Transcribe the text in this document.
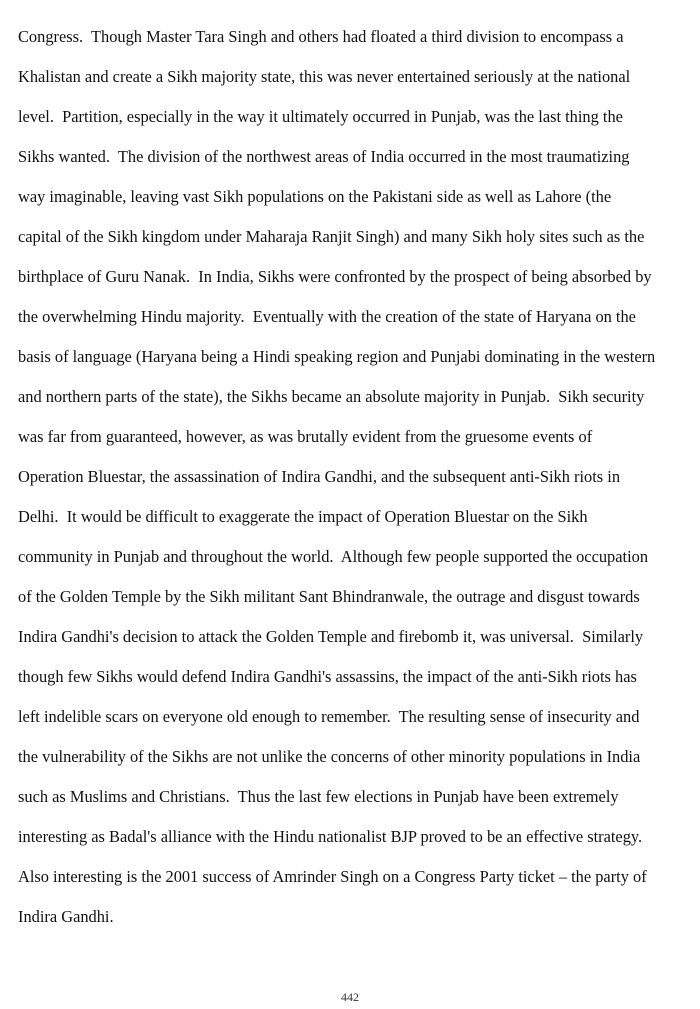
Congress.  Though Master Tara Singh and others had floated a third division to encompass a
Khalistan and create a Sikh majority state, this was never entertained seriously at the national
level.  Partition, especially in the way it ultimately occurred in Punjab, was the last thing the
Sikhs wanted.  The division of the northwest areas of India occurred in the most traumatizing
way imaginable, leaving vast Sikh populations on the Pakistani side as well as Lahore (the
capital of the Sikh kingdom under Maharaja Ranjit Singh) and many Sikh holy sites such as the
birthplace of Guru Nanak.  In India, Sikhs were confronted by the prospect of being absorbed by
the overwhelming Hindu majority.  Eventually with the creation of the state of Haryana on the
basis of language (Haryana being a Hindi speaking region and Punjabi dominating in the western
and northern parts of the state), the Sikhs became an absolute majority in Punjab.  Sikh security
was far from guaranteed, however, as was brutally evident from the gruesome events of
Operation Bluestar, the assassination of Indira Gandhi, and the subsequent anti-Sikh riots in
Delhi.  It would be difficult to exaggerate the impact of Operation Bluestar on the Sikh
community in Punjab and throughout the world.  Although few people supported the occupation
of the Golden Temple by the Sikh militant Sant Bhindranwale, the outrage and disgust towards
Indira Gandhi's decision to attack the Golden Temple and firebomb it, was universal.  Similarly
though few Sikhs would defend Indira Gandhi's assassins, the impact of the anti-Sikh riots has
left indelible scars on everyone old enough to remember.  The resulting sense of insecurity and
the vulnerability of the Sikhs are not unlike the concerns of other minority populations in India
such as Muslims and Christians.  Thus the last few elections in Punjab have been extremely
interesting as Badal's alliance with the Hindu nationalist BJP proved to be an effective strategy.
Also interesting is the 2001 success of Amrinder Singh on a Congress Party ticket – the party of
Indira Gandhi.

442
